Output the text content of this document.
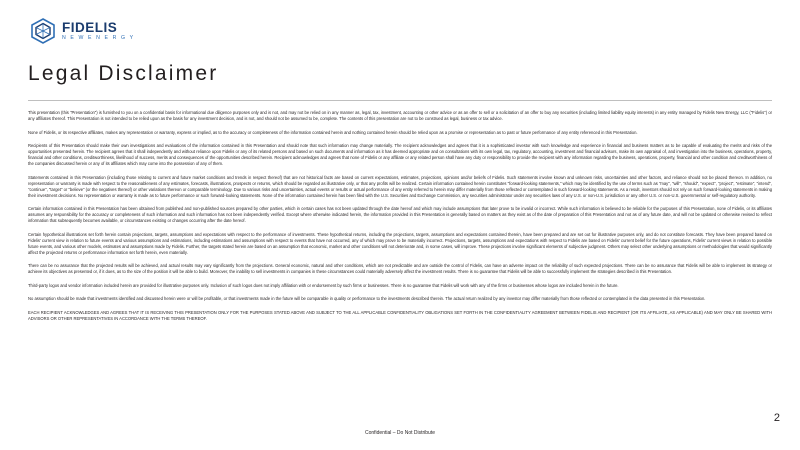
FIDELIS
N E W E N E R G Y
Legal Disclaimer

This presentation (this "Presentation") is furnished to you on a confidential basis for informational due diligence purposes only and is not, and may not be relied on in any manner as, legal, tax, investment, accounting or other advice or as an offer to sell or a solicitation of an offer to buy any securities (including limited liability equity interests) in any entity managed by Fidelis New Energy, LLC ("Fidelis") or any affiliates thereof. This Presentation is not intended to be relied upon as the basis for any investment decision, and is not, and should not be assumed to be, complete. The contents of this presentation are not to be construed as legal, business or tax advice.

None of Fidelis, or its respective affiliates, makes any representation or warranty, express or implied, as to the accuracy or completeness of the information contained herein and nothing contained herein should be relied upon as a promise or representation as to past or future performance of any entity referenced in this Presentation.

Recipients of this Presentation should make their own investigations and evaluations of the information contained in this Presentation and should note that such information may change materially. The recipient acknowledges and agrees that it is a sophisticated investor with such knowledge and experience in financial and business matters as to be capable of evaluating the merits and risks of the opportunities presented herein. The recipient agrees that it shall independently and without reliance upon Fidelis or any of its related persons and based on such documents and information as it has deemed appropriate and on consultations with its own legal, tax, regulatory, accounting, investment and financial advisors, make its own appraisal of, and investigation into the business, operations, property, financial and other conditions, creditworthiness, likelihood of success, merits and consequences of the opportunities described herein. Recipient acknowledges and agrees that none of Fidelis or any affiliate or any related person shall have any duty or responsibility to provide the recipient with any information regarding the business, operations, property, financial and other condition and creditworthiness of the companies discussed herein or any of its affiliates which may come into the possession of any of them.

Statements contained in this Presentation (including those relating to current and future market conditions and trends in respect thereof) that are not historical facts are based on current expectations, estimates, projections, opinions and/or beliefs of Fidelis. Such statements involve known and unknown risks, uncertainties and other factors, and reliance should not be placed thereon. In addition, no representation or warranty is made with respect to the reasonableness of any estimates, forecasts, illustrations, prospects or returns, which should be regarded as illustrative only, or that any profits will be realized. Certain information contained herein constitutes "forward-looking statements," which may be identified by the use of terms such as "may", "will", "should", "expect", "project", "estimate", "intend", "continue", "target" or "believe" (or the negatives thereof) or other variations thereon or comparable terminology. Due to various risks and uncertainties, actual events or results or actual performance of any entity referred to herein may differ materially from those reflected or contemplated in such forward-looking statements. As a result, investors should not rely on such forward-looking statements in making their investment decisions. No representation or warranty is made as to future performance or such forward-looking statements. None of the information contained herein has been filed with the U.S. Securities and Exchange Commission, any securities administrator under any securities laws of any U.S. or non-U.S. jurisdiction or any other U.S. or non-U.S. governmental or self-regulatory authority.

Certain information contained in this Presentation has been obtained from published and non-published sources prepared by other parties, which in certain cases has not been updated through the date hereof and which may include assumptions that later prove to be invalid or incorrect. While such information is believed to be reliable for the purposes of this Presentation, none of Fidelis, or its affiliates assumes any responsibility for the accuracy or completeness of such information and such information has not been independently verified. Except where otherwise indicated herein, the information provided in this Presentation is generally based on matters as they exist as of the date of preparation of this Presentation and not as of any future date, and will not be updated or otherwise revised to reflect information that subsequently becomes available, or circumstances existing or changes occurring after the date hereof.

Certain hypothetical illustrations set forth herein contain projections, targets, assumptions and expectations with respect to the performance of investments. These hypothetical returns, including the projections, targets, assumptions and expectations contained therein, have been prepared and are set out for illustrative purposes only, and do not constitute forecasts. They have been prepared based on Fidelis' current view in relation to future events and various assumptions and estimations, including estimations and assumptions with respect to events that have not occurred, any of which may prove to be materially incorrect. Projections, targets, assumptions and expectations with respect to Fidelis are based on Fidelis' current belief for the future operations, Fidelis' current views in relation to possible future events, and various other models, estimates and assumptions made by Fidelis. Further, the targets stated herein are based on an assumption that economic, market and other conditions will not deteriorate and, in some cases, will improve. These projections involve significant elements of subjective judgment. Others may select other underlying assumptions or methodologies that would significantly affect the projected returns or performance information set forth herein, even materially.

There can be no assurance that the projected results will be achieved, and actual results may vary significantly from the projections. General economic, natural and other conditions, which are not predictable and are outside the control of Fidelis, can have an adverse impact on the reliability of such expected projections. There can be no assurance that Fidelis will be able to implement its strategy or achieve its objectives as presented or, if it does, as to the size of the position it will be able to build. Moreover, the inability to sell investments in companies in these circumstances could materially adversely affect the investment results. There is no guarantee that Fidelis will be able to successfully implement the strategies described in this Presentation.

Third-party logos and vendor information included herein are provided for illustrative purposes only. Inclusion of such logos does not imply affiliation with or endorsement by such firms or businesses. There is no guarantee that Fidelis will work with any of the firms or businesses whose logos are included herein in the future.

No assumption should be made that investments identified and discussed herein were or will be profitable, or that investments made in the future will be comparable in quality or performance to the investments described therein. The actual return realized by any investor may differ materially from those reflected or contemplated in the data presented in this Presentation.

EACH RECIPIENT ACKNOWLEDGES AND AGREES THAT IT IS RECEIVING THIS PRESENTATION ONLY FOR THE PURPOSES STATED ABOVE AND SUBJECT TO THE ALL APPLICABLE CONFIDENTIALITY OBLIGATIONS SET FORTH IN THE CONFIDENTIALITY AGREEMENT BETWEEN FIDELIS AND RECIPIENT (OR ITS AFFILIATE, AS APPLICABLE) AND MAY ONLY BE SHARED WITH ADVISORS OR OTHER REPRESENTATIVES IN ACCORDANCE WITH THE TERMS THEREOF.

Confidential – Do Not Distribute
2
